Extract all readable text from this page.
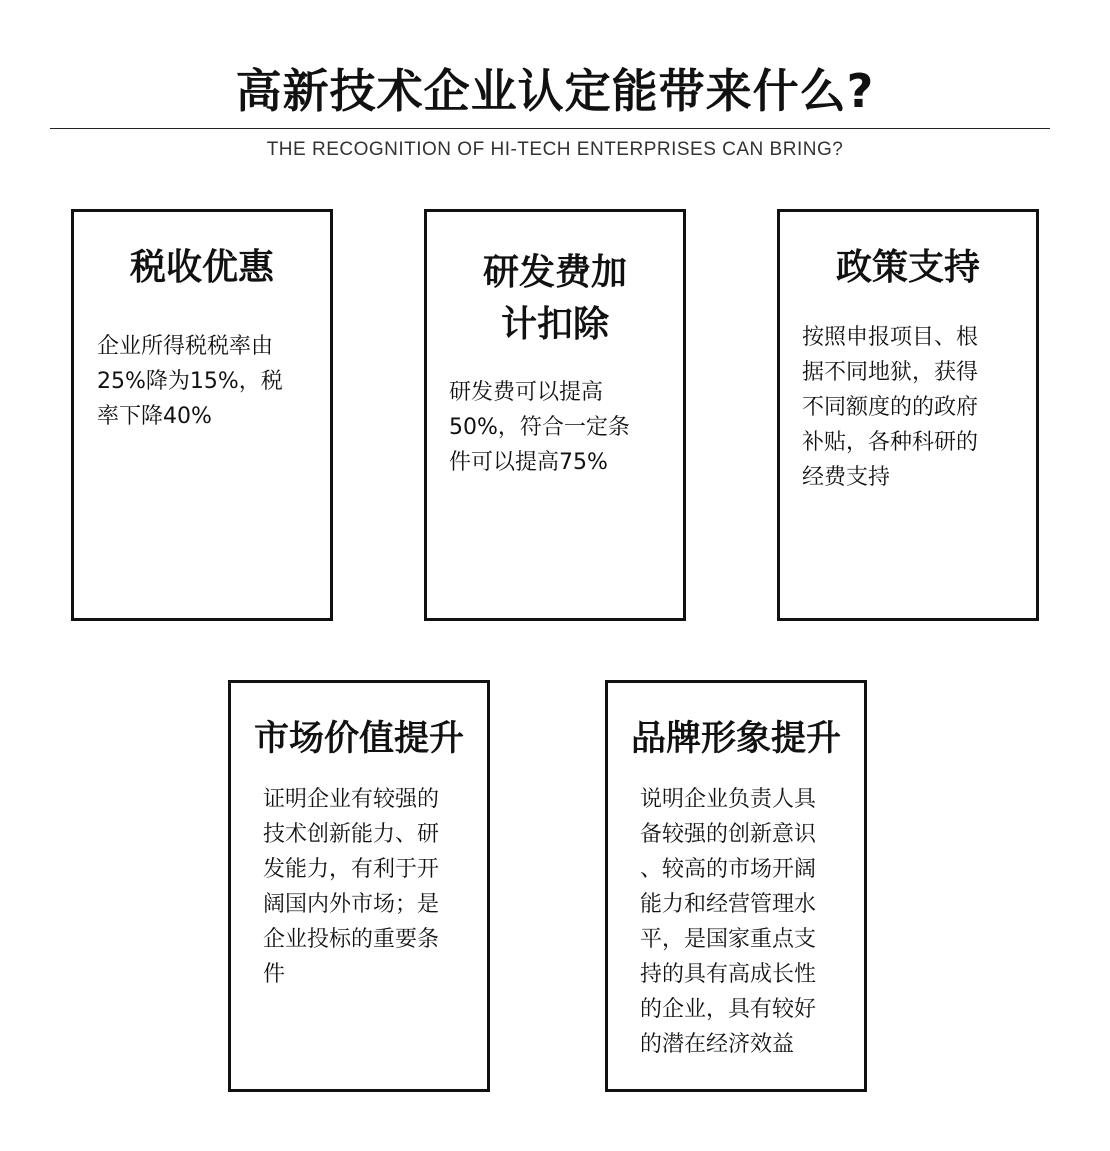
高新技术企业认定能带来什么?
THE RECOGNITION OF HI-TECH ENTERPRISES CAN BRING?
税收优惠
企业所得税税率由
25%降为15%，税
率下降40%
研发费加
计扣除
研发费可以提高
50%，符合一定条
件可以提高75%
政策支持
按照申报项目、根
据不同地狱，获得
不同额度的的政府
补贴，各种科研的
经费支持
市场价值提升
证明企业有较强的
技术创新能力、研
发能力，有利于开
阔国内外市场；是
企业投标的重要条
件
品牌形象提升
说明企业负责人具
备较强的创新意识
、较高的市场开阔
能力和经营管理水
平，是国家重点支
持的具有高成长性
的企业，具有较好
的潜在经济效益
